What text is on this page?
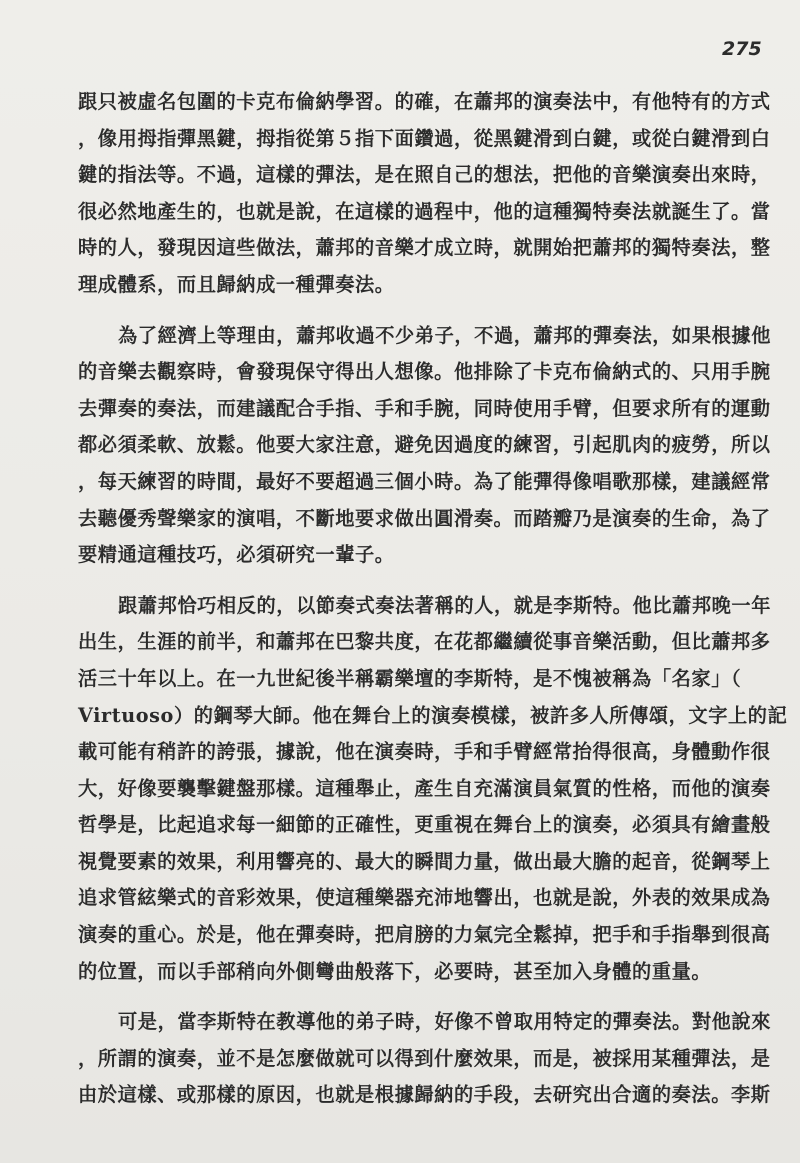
275
跟只被虛名包圍的卡克布倫納學習。的確，在蕭邦的演奏法中，有他特有的方式
，像用拇指彈黑鍵，拇指從第５指下面鑽過，從黑鍵滑到白鍵，或從白鍵滑到白
鍵的指法等。不過，這樣的彈法，是在照自己的想法，把他的音樂演奏出來時，
很必然地產生的，也就是說，在這樣的過程中，他的這種獨特奏法就誕生了。當
時的人，發現因這些做法，蕭邦的音樂才成立時，就開始把蕭邦的獨特奏法，整
理成體系，而且歸納成一種彈奏法。
為了經濟上等理由，蕭邦收過不少弟子，不過，蕭邦的彈奏法，如果根據他
的音樂去觀察時，會發現保守得出人想像。他排除了卡克布倫納式的、只用手腕
去彈奏的奏法，而建議配合手指、手和手腕，同時使用手臂，但要求所有的運動
都必須柔軟、放鬆。他要大家注意，避免因過度的練習，引起肌肉的疲勞，所以
，每天練習的時間，最好不要超過三個小時。為了能彈得像唱歌那樣，建議經常
去聽優秀聲樂家的演唱，不斷地要求做出圓滑奏。而踏瓣乃是演奏的生命，為了
要精通這種技巧，必須研究一輩子。
跟蕭邦恰巧相反的，以節奏式奏法著稱的人，就是李斯特。他比蕭邦晚一年
出生，生涯的前半，和蕭邦在巴黎共度，在花都繼續從事音樂活動，但比蕭邦多
活三十年以上。在一九世紀後半稱霸樂壇的李斯特，是不愧被稱為「名家」（
Virtuoso）的鋼琴大師。他在舞台上的演奏模樣，被許多人所傳頌，文字上的記
載可能有稍許的誇張，據說，他在演奏時，手和手臂經常抬得很高，身體動作很
大，好像要襲擊鍵盤那樣。這種舉止，產生自充滿演員氣質的性格，而他的演奏
哲學是，比起追求每一細節的正確性，更重視在舞台上的演奏，必須具有繪畫般
視覺要素的效果，利用響亮的、最大的瞬間力量，做出最大膽的起音，從鋼琴上
追求管絃樂式的音彩效果，使這種樂器充沛地響出，也就是說，外表的效果成為
演奏的重心。於是，他在彈奏時，把肩膀的力氣完全鬆掉，把手和手指舉到很高
的位置，而以手部稍向外側彎曲般落下，必要時，甚至加入身體的重量。
可是，當李斯特在教導他的弟子時，好像不曾取用特定的彈奏法。對他說來
，所謂的演奏，並不是怎麼做就可以得到什麼效果，而是，被採用某種彈法，是
由於這樣、或那樣的原因，也就是根據歸納的手段，去研究出合適的奏法。李斯
